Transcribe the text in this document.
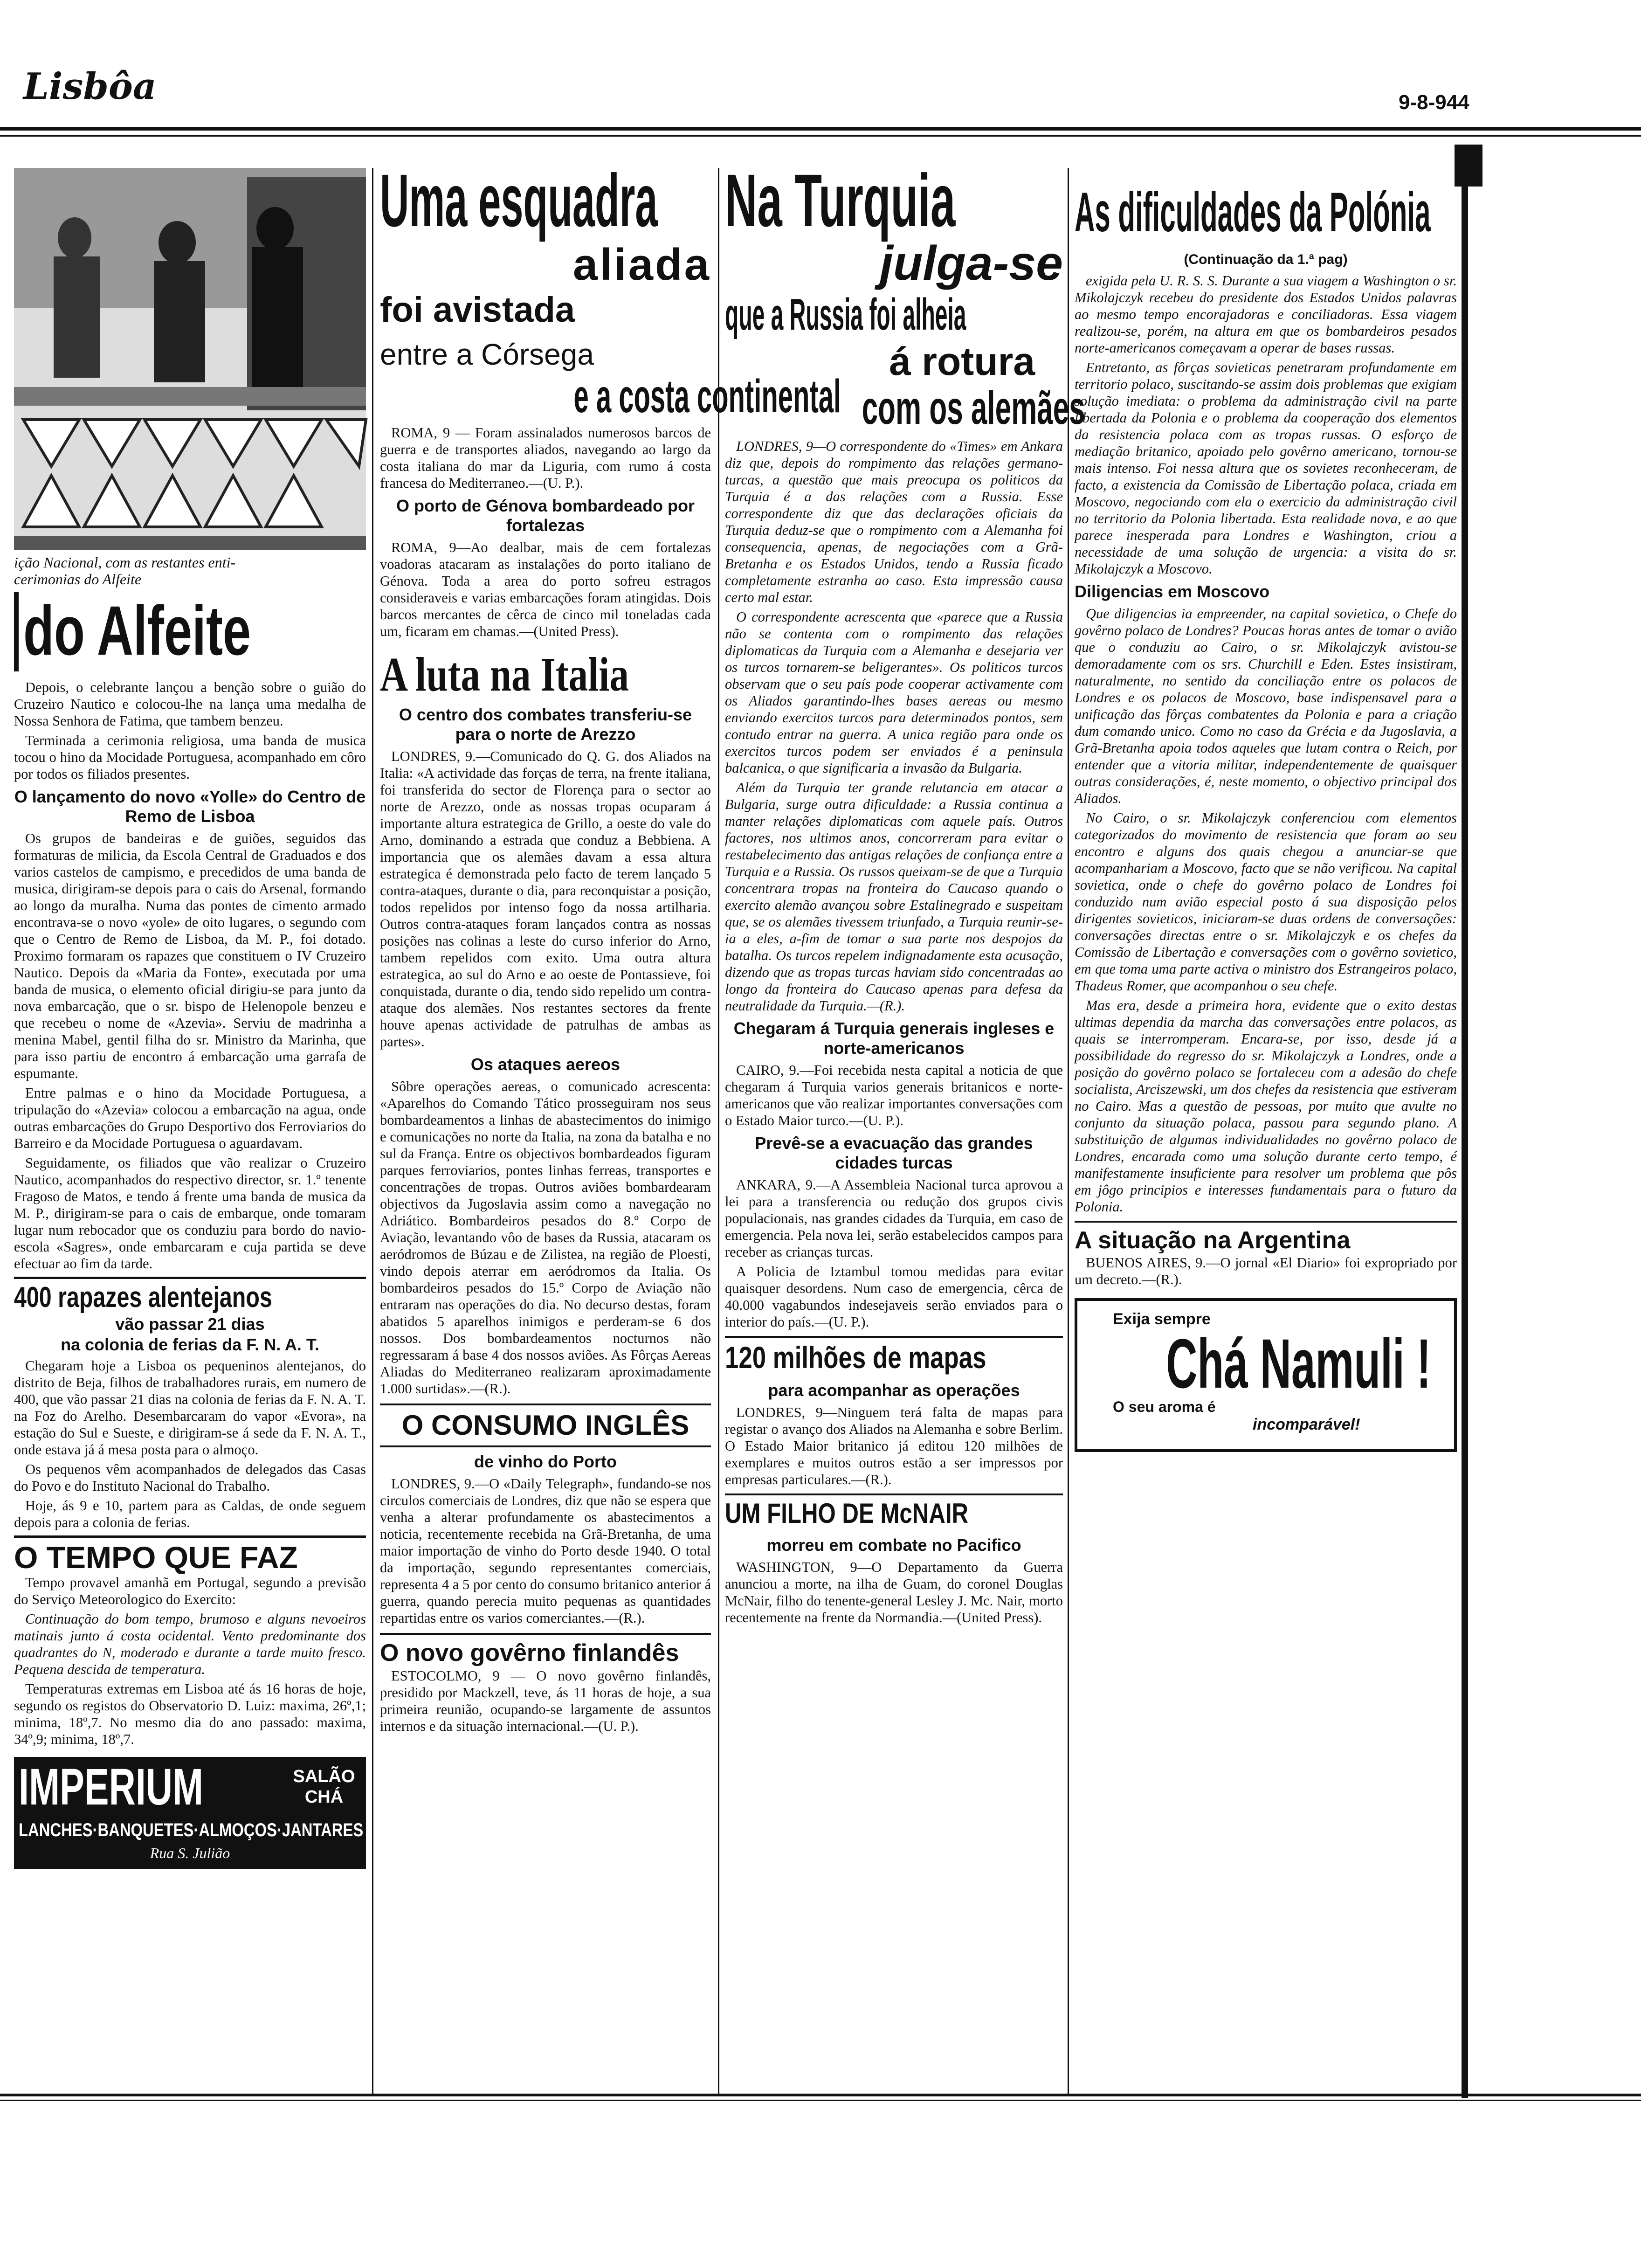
Lisbôa	9-8-944
ição Nacional, com as restantes enti-
cerimonias do Alfeite
do Alfeite

Depois, o celebrante lançou a benção sobre o guião do Cruzeiro Nautico e colocou-lhe na lança uma medalha de Nossa Senhora de Fatima, que tambem benzeu.

Terminada a cerimonia religiosa, uma banda de musica tocou o hino da Mocidade Portuguesa, acompanhado em côro por todos os filiados presentes.

O lançamento do novo «Yolle» do Centro de Remo de Lisboa

Os grupos de bandeiras e de guiões, seguidos das formaturas de milicia, da Escola Central de Graduados e dos varios castelos de campismo, e precedidos de uma banda de musica, dirigiram-se depois para o cais do Arsenal, formando ao longo da muralha. Numa das pontes de cimento armado encontrava-se o novo «yole» de oito lugares, o segundo com que o Centro de Remo de Lisboa, da M. P., foi dotado. Proximo formaram os rapazes que constituem o IV Cruzeiro Nautico. Depois da «Maria da Fonte», executada por uma banda de musica, o elemento oficial dirigiu-se para junto da nova embarcação, que o sr. bispo de Helenopole benzeu e que recebeu o nome de «Azevia». Serviu de madrinha a menina Mabel, gentil filha do sr. Ministro da Marinha, que para isso partiu de encontro á embarcação uma garrafa de espumante.

Entre palmas e o hino da Mocidade Portuguesa, a tripulação do «Azevia» colocou a embarcação na agua, onde outras embarcações do Grupo Desportivo dos Ferroviarios do Barreiro e da Mocidade Portuguesa o aguardavam.

Seguidamente, os filiados que vão realizar o Cruzeiro Nautico, acompanhados do respectivo director, sr. 1.º tenente Fragoso de Matos, e tendo á frente uma banda de musica da M. P., dirigiram-se para o cais de embarque, onde tomaram lugar num rebocador que os conduziu para bordo do navio-escola «Sagres», onde embarcaram e cuja partida se deve efectuar ao fim da tarde.

400 rapazes alentejanos
vão passar 21 dias
na colonia de ferias da F. N. A. T.

Chegaram hoje a Lisboa os pequeninos alentejanos, do distrito de Beja, filhos de trabalhadores rurais, em numero de 400, que vão passar 21 dias na colonia de ferias da F. N. A. T. na Foz do Arelho. Desembarcaram do vapor «Evora», na estação do Sul e Sueste, e dirigiram-se á sede da F. N. A. T., onde estava já á mesa posta para o almoço.

Os pequenos vêm acompanhados de delegados das Casas do Povo e do Instituto Nacional do Trabalho.

Hoje, ás 9 e 10, partem para as Caldas, de onde seguem depois para a colonia de ferias.

O TEMPO QUE FAZ

Tempo provavel amanhã em Portugal, segundo a previsão do Serviço Meteorologico do Exercito:

Continuação do bom tempo, brumoso e alguns nevoeiros matinais junto á costa ocidental. Vento predominante dos quadrantes do N, moderado e durante a tarde muito fresco. Pequena descida de temperatura.

Temperaturas extremas em Lisboa até ás 16 horas de hoje, segundo os registos do Observatorio D. Luiz: maxima, 26º,1; minima, 18º,7. No mesmo dia do ano passado: maxima, 34º,9; minima, 18º,7.

IMPERIUM	SALÃO CHÁ
LANCHES·BANQUETES·ALMOÇOS·JANTARES
Rua S. Julião
Uma esquadra
aliada
foi avistada
entre a Córsega
e a costa continental

ROMA, 9 — Foram assinalados numerosos barcos de guerra e de transportes aliados, navegando ao largo da costa italiana do mar da Liguria, com rumo á costa francesa do Mediterraneo.—(U. P.).

O porto de Génova bombardeado por fortalezas

ROMA, 9—Ao dealbar, mais de cem fortalezas voadoras atacaram as instalações do porto italiano de Génova. Toda a area do porto sofreu estragos consideraveis e varias embarcações foram atingidas. Dois barcos mercantes de cêrca de cinco mil toneladas cada um, ficaram em chamas.—(United Press).

A luta na Italia
O centro dos combates transferiu-se para o norte de Arezzo

LONDRES, 9.—Comunicado do Q. G. dos Aliados na Italia: «A actividade das forças de terra, na frente italiana, foi transferida do sector de Florença para o sector ao norte de Arezzo, onde as nossas tropas ocuparam á importante altura estrategica de Grillo, a oeste do vale do Arno, dominando a estrada que conduz a Bebbiena. A importancia que os alemães davam a essa altura estrategica é demonstrada pelo facto de terem lançado 5 contra-ataques, durante o dia, para reconquistar a posição, todos repelidos por intenso fogo da nossa artilharia. Outros contra-ataques foram lançados contra as nossas posições nas colinas a leste do curso inferior do Arno, tambem repelidos com exito. Uma outra altura estrategica, ao sul do Arno e ao oeste de Pontassieve, foi conquistada, durante o dia, tendo sido repelido um contra-ataque dos alemães. Nos restantes sectores da frente houve apenas actividade de patrulhas de ambas as partes».

Os ataques aereos

Sôbre operações aereas, o comunicado acrescenta: «Aparelhos do Comando Tático prosseguiram nos seus bombardeamentos a linhas de abastecimentos do inimigo e comunicações no norte da Italia, na zona da batalha e no sul da França. Entre os objectivos bombardeados figuram parques ferroviarios, pontes linhas ferreas, transportes e concentrações de tropas. Outros aviões bombardearam objectivos da Jugoslavia assim como a navegação no Adriático. Bombardeiros pesados do 8.º Corpo de Aviação, levantando vôo de bases da Russia, atacaram os aeródromos de Búzau e de Zilistea, na região de Ploesti, vindo depois aterrar em aeródromos da Italia. Os bombardeiros pesados do 15.º Corpo de Aviação não entraram nas operações do dia. No decurso destas, foram abatidos 5 aparelhos inimigos e perderam-se 6 dos nossos. Dos bombardeamentos nocturnos não regressaram á base 4 dos nossos aviões. As Fôrças Aereas Aliadas do Mediterraneo realizaram aproximadamente 1.000 surtidas».—(R.).

O CONSUMO INGLÊS
de vinho do Porto

LONDRES, 9.—O «Daily Telegraph», fundando-se nos circulos comerciais de Londres, diz que não se espera que venha a alterar profundamente os abastecimentos a noticia, recentemente recebida na Grã-Bretanha, de uma maior importação de vinho do Porto desde 1940. O total da importação, segundo representantes comerciais, representa 4 a 5 por cento do consumo britanico anterior á guerra, quando perecia muito pequenas as quantidades repartidas entre os varios comerciantes.—(R.).

O novo govêrno finlandês

ESTOCOLMO, 9 — O novo govêrno finlandês, presidido por Mackzell, teve, ás 11 horas de hoje, a sua primeira reunião, ocupando-se largamente de assuntos internos e da situação internacional.—(U. P.).

Na Turquia
julga-se
que a Russia foi alheia
á rotura
com os alemães

LONDRES, 9—O correspondente do «Times» em Ankara diz que, depois do rompimento das relações germano-turcas, a questão que mais preocupa os politicos da Turquia é a das relações com a Russia. Esse correspondente diz que das declarações oficiais da Turquia deduz-se que o rompimento com a Alemanha foi consequencia, apenas, de negociações com a Grã-Bretanha e os Estados Unidos, tendo a Russia ficado completamente estranha ao caso. Esta impressão causa certo mal estar.

O correspondente acrescenta que «parece que a Russia não se contenta com o rompimento das relações diplomaticas da Turquia com a Alemanha e desejaria ver os turcos tornarem-se beligerantes». Os politicos turcos observam que o seu país pode cooperar activamente com os Aliados garantindo-lhes bases aereas ou mesmo enviando exercitos turcos para determinados pontos, sem contudo entrar na guerra. A unica região para onde os exercitos turcos podem ser enviados é a peninsula balcanica, o que significaria a invasão da Bulgaria.

Além da Turquia ter grande relutancia em atacar a Bulgaria, surge outra dificuldade: a Russia continua a manter relações diplomaticas com aquele país. Outros factores, nos ultimos anos, concorreram para evitar o restabelecimento das antigas relações de confiança entre a Turquia e a Russia. Os russos queixam-se de que a Turquia concentrara tropas na fronteira do Caucaso quando o exercito alemão avançou sobre Estalinegrado e suspeitam que, se os alemães tivessem triunfado, a Turquia reunir-se-ia a eles, a-fim de tomar a sua parte nos despojos da batalha. Os turcos repelem indignadamente esta acusação, dizendo que as tropas turcas haviam sido concentradas ao longo da fronteira do Caucaso apenas para defesa da neutralidade da Turquia.—(R.).

Chegaram á Turquia generais ingleses e norte-americanos

CAIRO, 9.—Foi recebida nesta capital a noticia de que chegaram á Turquia varios generais britanicos e norte-americanos que vão realizar importantes conversações com o Estado Maior turco.—(U. P.).

Prevê-se a evacuação das grandes cidades turcas

ANKARA, 9.—A Assembleia Nacional turca aprovou a lei para a transferencia ou redução dos grupos civis populacionais, nas grandes cidades da Turquia, em caso de emergencia. Pela nova lei, serão estabelecidos campos para receber as crianças turcas.

A Policia de Iztambul tomou medidas para evitar quaisquer desordens. Num caso de emergencia, cêrca de 40.000 vagabundos indesejaveis serão enviados para o interior do país.—(U. P.).

120 milhões de mapas
para acompanhar as operações

LONDRES, 9—Ninguem terá falta de mapas para registar o avanço dos Aliados na Alemanha e sobre Berlim. O Estado Maior britanico já editou 120 milhões de exemplares e muitos outros estão a ser impressos por empresas particulares.—(R.).

UM FILHO DE McNAIR
morreu em combate no Pacifico

WASHINGTON, 9—O Departamento da Guerra anunciou a morte, na ilha de Guam, do coronel Douglas McNair, filho do tenente-general Lesley J. Mc. Nair, morto recentemente na frente da Normandia.—(United Press).

As dificuldades da Polónia
(Continuação da 1.ª pag)

exigida pela U. R. S. S. Durante a sua viagem a Washington o sr. Mikolajczyk recebeu do presidente dos Estados Unidos palavras ao mesmo tempo encorajadoras e conciliadoras. Essa viagem realizou-se, porém, na altura em que os bombardeiros pesados norte-americanos começavam a operar de bases russas.

Entretanto, as fôrças sovieticas penetraram profundamente em territorio polaco, suscitando-se assim dois problemas que exigiam solução imediata: o problema da administração civil na parte libertada da Polonia e o problema da cooperação dos elementos da resistencia polaca com as tropas russas. O esforço de mediação britanico, apoiado pelo govêrno americano, tornou-se mais intenso. Foi nessa altura que os sovietes reconheceram, de facto, a existencia da Comissão de Libertação polaca, criada em Moscovo, negociando com ela o exercicio da administração civil no territorio da Polonia libertada. Esta realidade nova, e ao que parece inesperada para Londres e Washington, criou a necessidade de uma solução de urgencia: a visita do sr. Mikolajczyk a Moscovo.

Diligencias em Moscovo

Que diligencias ia empreender, na capital sovietica, o Chefe do govêrno polaco de Londres? Poucas horas antes de tomar o avião que o conduziu ao Cairo, o sr. Mikolajczyk avistou-se demoradamente com os srs. Churchill e Eden. Estes insistiram, naturalmente, no sentido da conciliação entre os polacos de Londres e os polacos de Moscovo, base indispensavel para a unificação das fôrças combatentes da Polonia e para a criação dum comando unico. Como no caso da Grécia e da Jugoslavia, a Grã-Bretanha apoia todos aqueles que lutam contra o Reich, por entender que a vitoria militar, independentemente de quaisquer outras considerações, é, neste momento, o objectivo principal dos Aliados.

No Cairo, o sr. Mikolajczyk conferenciou com elementos categorizados do movimento de resistencia que foram ao seu encontro e alguns dos quais chegou a anunciar-se que acompanhariam a Moscovo, facto que se não verificou. Na capital sovietica, onde o chefe do govêrno polaco de Londres foi conduzido num avião especial posto á sua disposição pelos dirigentes sovieticos, iniciaram-se duas ordens de conversações: conversações directas entre o sr. Mikolajczyk e os chefes da Comissão de Libertação e conversações com o govêrno sovietico, em que toma uma parte activa o ministro dos Estrangeiros polaco, Thadeus Romer, que acompanhou o seu chefe.

Mas era, desde a primeira hora, evidente que o exito destas ultimas dependia da marcha das conversações entre polacos, as quais se interromperam. Encara-se, por isso, desde já a possibilidade do regresso do sr. Mikolajczyk a Londres, onde a posição do govêrno polaco se fortaleceu com a adesão do chefe socialista, Arciszewski, um dos chefes da resistencia que estiveram no Cairo. Mas a questão de pessoas, por muito que avulte no conjunto da situação polaca, passou para segundo plano. A substituição de algumas individualidades no govêrno polaco de Londres, encarada como uma solução durante certo tempo, é manifestamente insuficiente para resolver um problema que pôs em jôgo principios e interesses fundamentais para o futuro da Polonia.

A situação na Argentina

BUENOS AIRES, 9.—O jornal «El Diario» foi expropriado por um decreto.—(R.).

Exija sempre
Chá Namuli !
O seu aroma é
incomparável!
